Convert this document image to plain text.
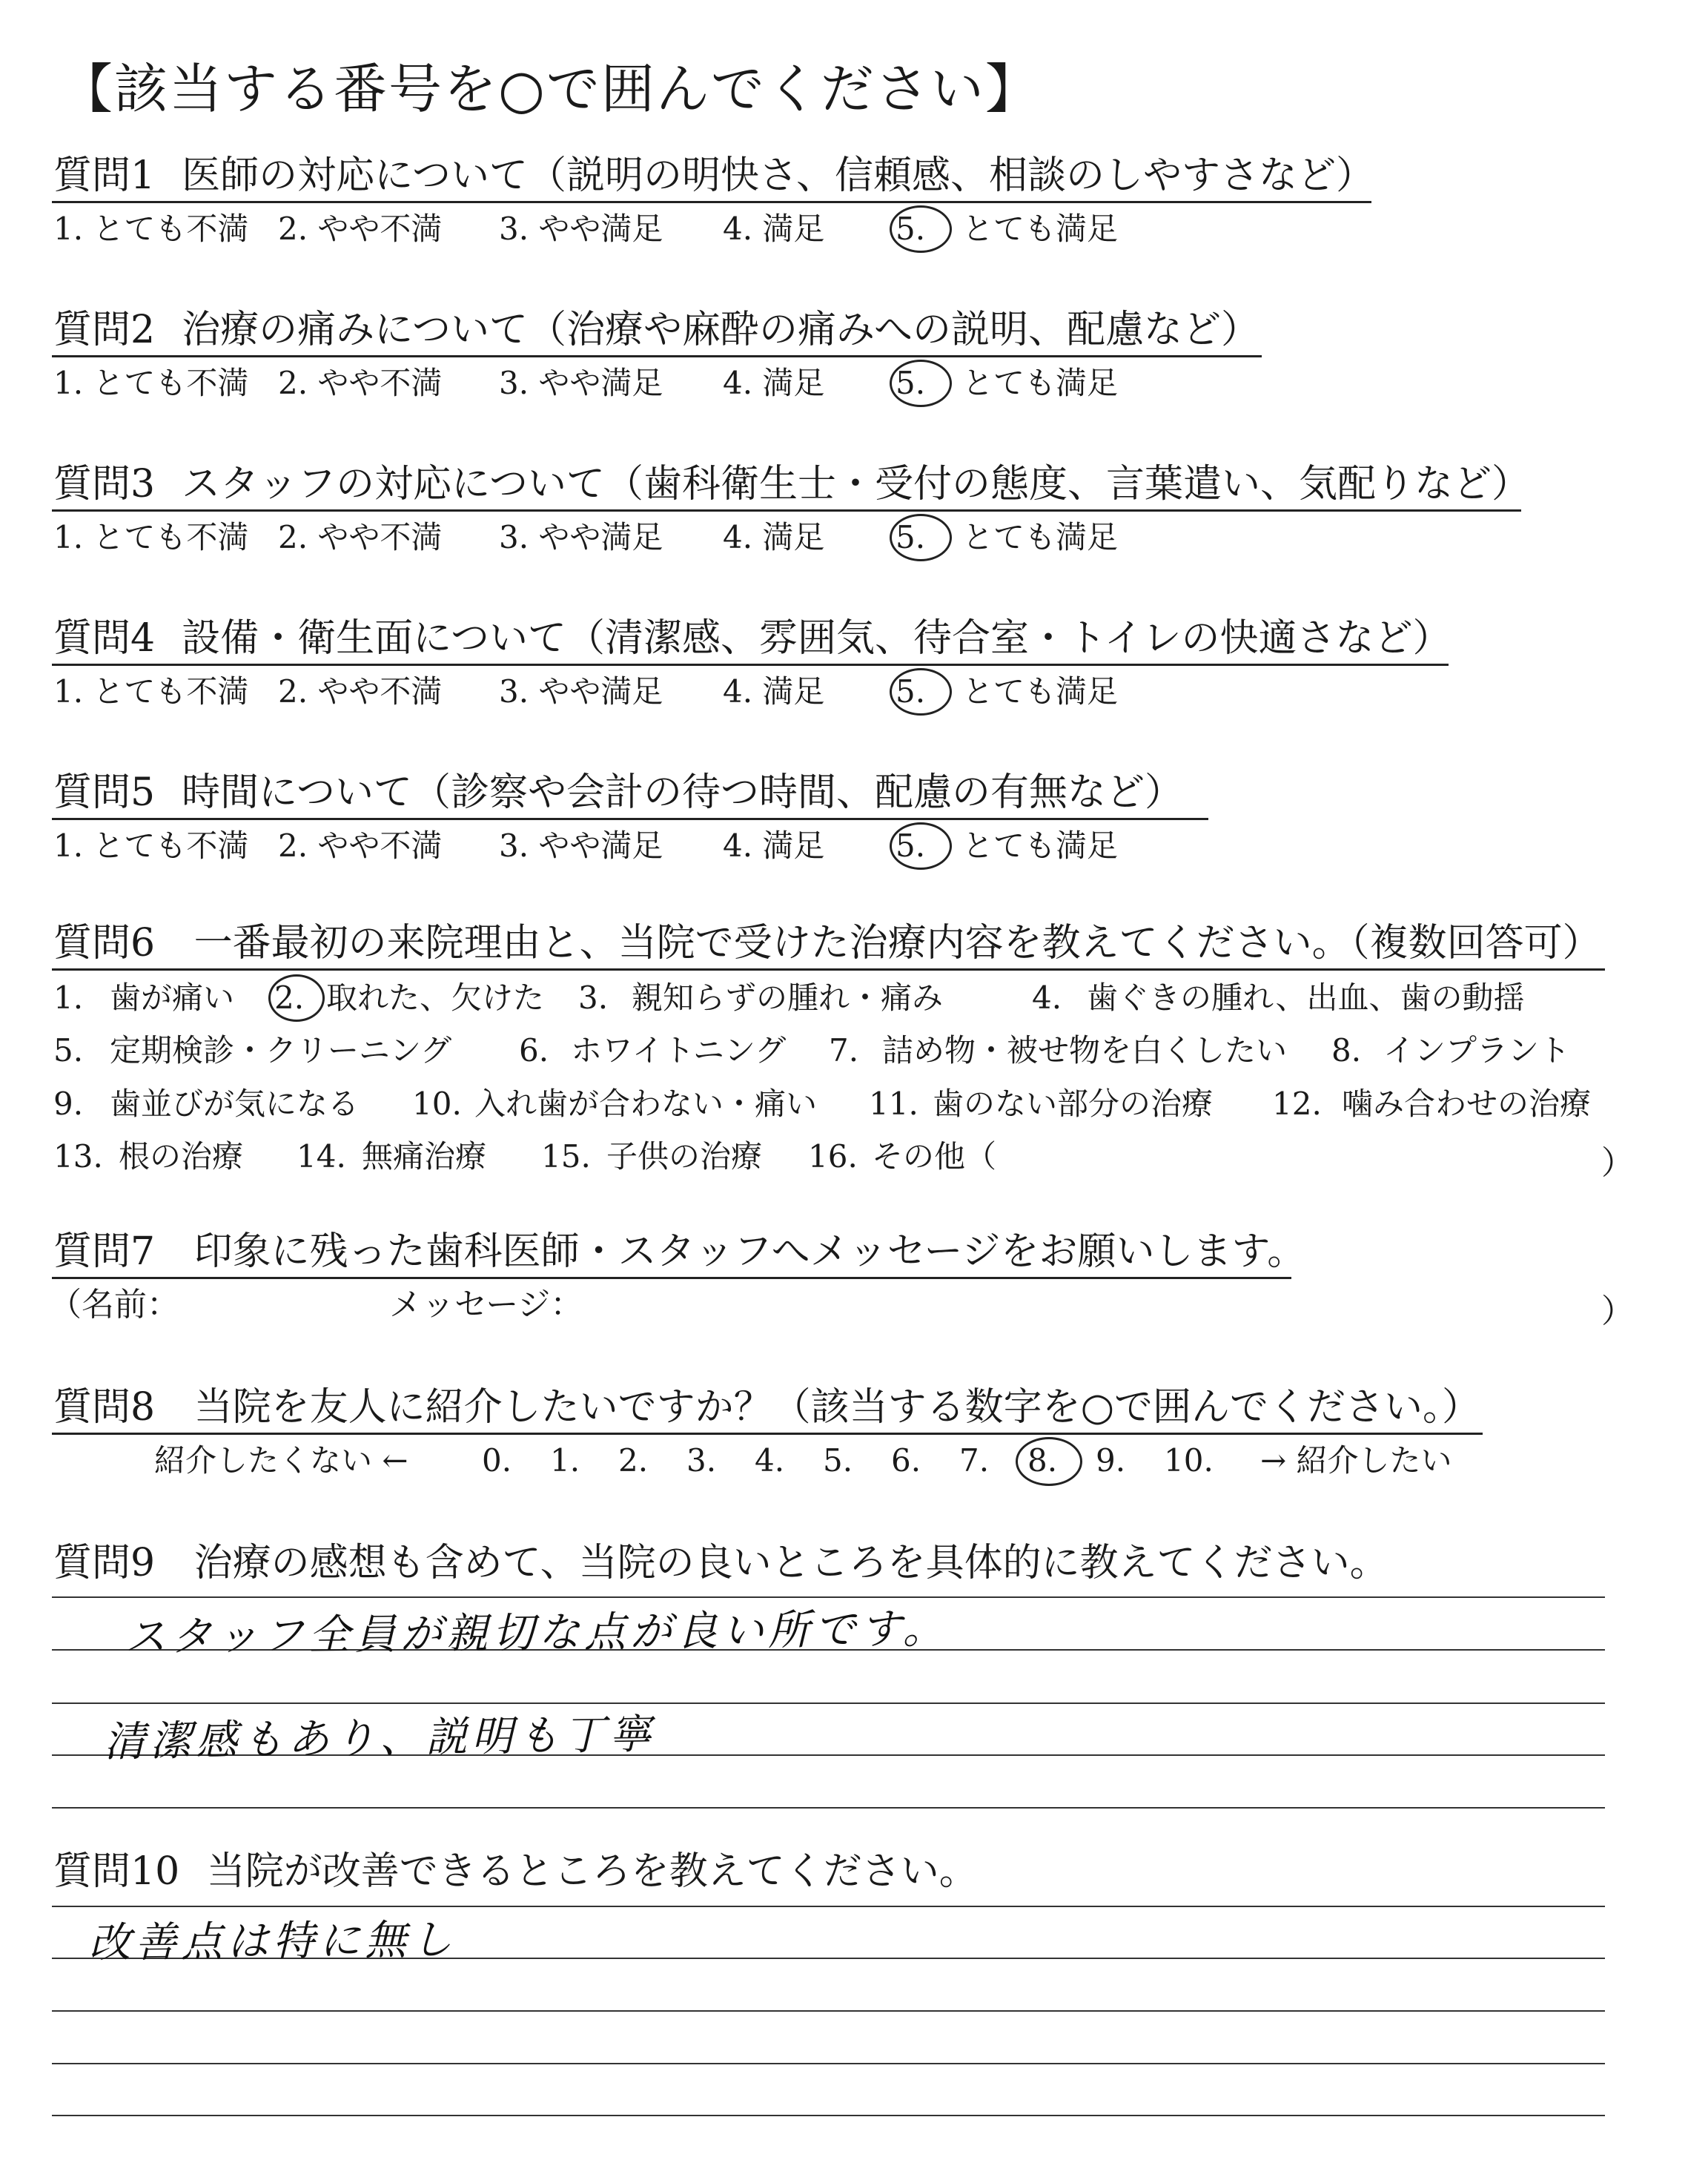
【該当する番号を○で囲んでください】
質問1 医師の対応について（説明の明快さ、信頼感、相談のしやすさなど）
1. とても不満 2. やや不満 3. やや満足 4. 満足 5. とても満足
質問2 治療の痛みについて（治療や麻酔の痛みへの説明、配慮など）
1. とても不満 2. やや不満 3. やや満足 4. 満足 5. とても満足
質問3 スタッフの対応について（歯科衛生士・受付の態度、言葉遣い、気配りなど）
1. とても不満 2. やや不満 3. やや満足 4. 満足 5. とても満足
質問4 設備・衛生面について（清潔感、雰囲気、待合室・トイレの快適さなど）
1. とても不満 2. やや不満 3. やや満足 4. 満足 5. とても満足
質問5 時間について（診察や会計の待つ時間、配慮の有無など）
1. とても不満 2. やや不満 3. やや満足 4. 満足 5. とても満足
質問6 一番最初の来院理由と、当院で受けた治療内容を教えてください。（複数回答可）
1. 歯が痛い 2. 取れた、欠けた 3. 親知らずの腫れ・痛み	4. 歯ぐきの腫れ、出血、歯の動揺
5. 定期検診・クリーニング 6. ホワイトニング 7. 詰め物・被せ物を白くしたい 8. インプラント
9. 歯並びが気になる 10. 入れ歯が合わない・痛い 11. 歯のない部分の治療 12. 噛み合わせの治療
13. 根の治療 14. 無痛治療 15. 子供の治療 16. その他（	）
質問7 印象に残った歯科医師・スタッフへメッセージをお願いします。
（名前：	メッセージ：	）
質問8 当院を友人に紹介したいですか？（該当する数字を○で囲んでください。）
紹介したくない ← 0. 1. 2. 3. 4. 5. 6. 7. 8. 9. 10. → 紹介したい
質問9 治療の感想も含めて、当院の良いところを具体的に教えてください。
スタッフ全員が親切な点が良い所です。
清潔感もあり、説明も丁寧
質問10 当院が改善できるところを教えてください。
改善点は特に無し
